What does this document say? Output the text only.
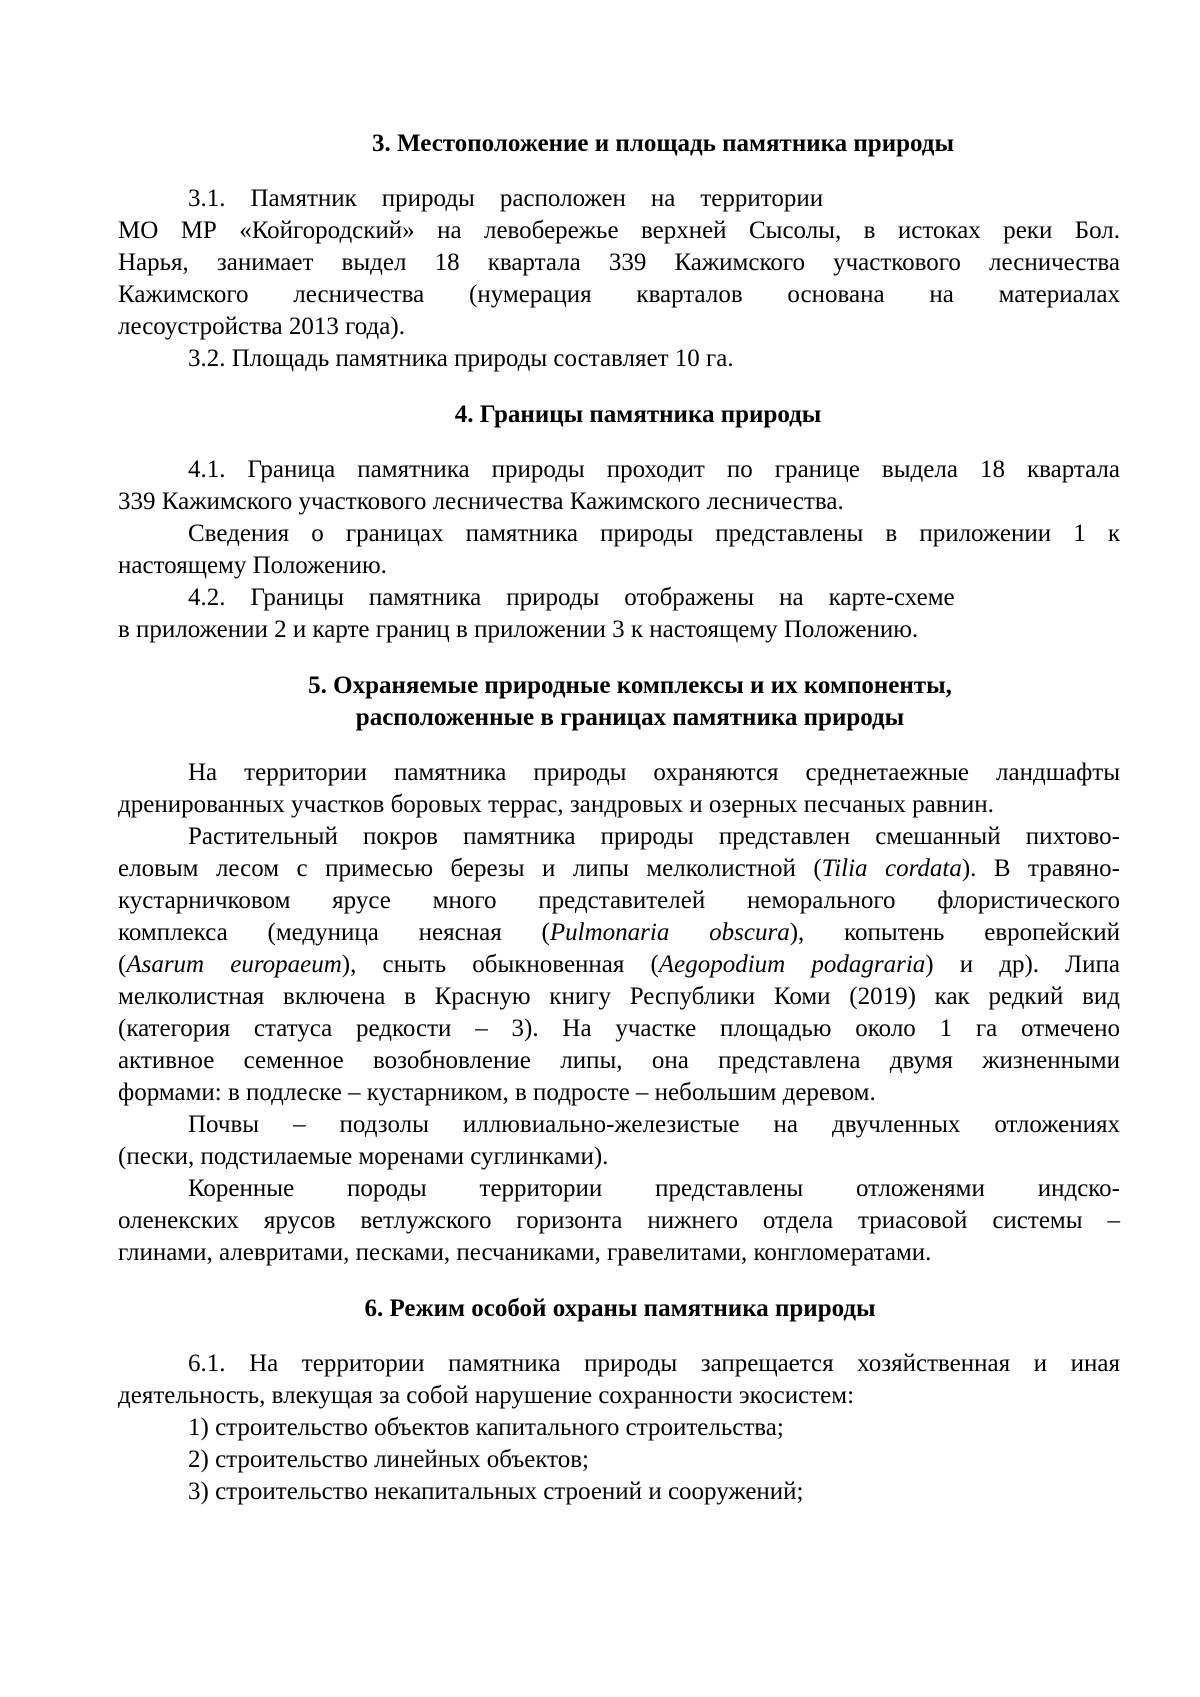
3. Местоположение и площадь памятника природы

3.1. Памятник природы расположен на территории
МО МР «Койгородский» на левобережье верхней Сысолы, в истоках реки Бол.
Нарья, занимает выдел 18 квартала 339 Кажимского участкового лесничества
Кажимского лесничества (нумерация кварталов основана на материалах
лесоустройства 2013 года).

3.2. Площадь памятника природы составляет 10 га.

4. Границы памятника природы

4.1. Граница памятника природы проходит по границе выдела 18 квартала
339 Кажимского участкового лесничества Кажимского лесничества.

Сведения о границах памятника природы представлены в приложении 1 к
настоящему Положению.

4.2. Границы памятника природы отображены на карте-схеме
в приложении 2 и карте границ в приложении 3 к настоящему Положению.

5. Охраняемые природные комплексы и их компоненты,
расположенные в границах памятника природы

На территории памятника природы охраняются среднетаежные ландшафты
дренированных участков боровых террас, зандровых и озерных песчаных равнин.

Растительный покров памятника природы представлен смешанный пихтово-
еловым лесом с примесью березы и липы мелколистной (Tilia cordata). В травяно-
кустарничковом ярусе много представителей неморального флористического
комплекса (медуница неясная (Pulmonaria obscura), копытень европейский
(Asarum europaeum), сныть обыкновенная (Aegopodium podagraria) и др). Липа
мелколистная включена в Красную книгу Республики Коми (2019) как редкий вид
(категория статуса редкости – 3). На участке площадью около 1 га отмечено
активное семенное возобновление липы, она представлена двумя жизненными
формами: в подлеске – кустарником, в подросте – небольшим деревом.

Почвы – подзолы иллювиально-железистые на двучленных отложениях
(пески, подстилаемые моренами суглинками).

Коренные породы территории представлены отложенями индско-
оленекских ярусов ветлужского горизонта нижнего отдела триасовой системы –
глинами, алевритами, песками, песчаниками, гравелитами, конгломератами.

6. Режим особой охраны памятника природы

6.1. На территории памятника природы запрещается хозяйственная и иная
деятельность, влекущая за собой нарушение сохранности экосистем:

1) строительство объектов капитального строительства;

2) строительство линейных объектов;

3) строительство некапитальных строений и сооружений;
